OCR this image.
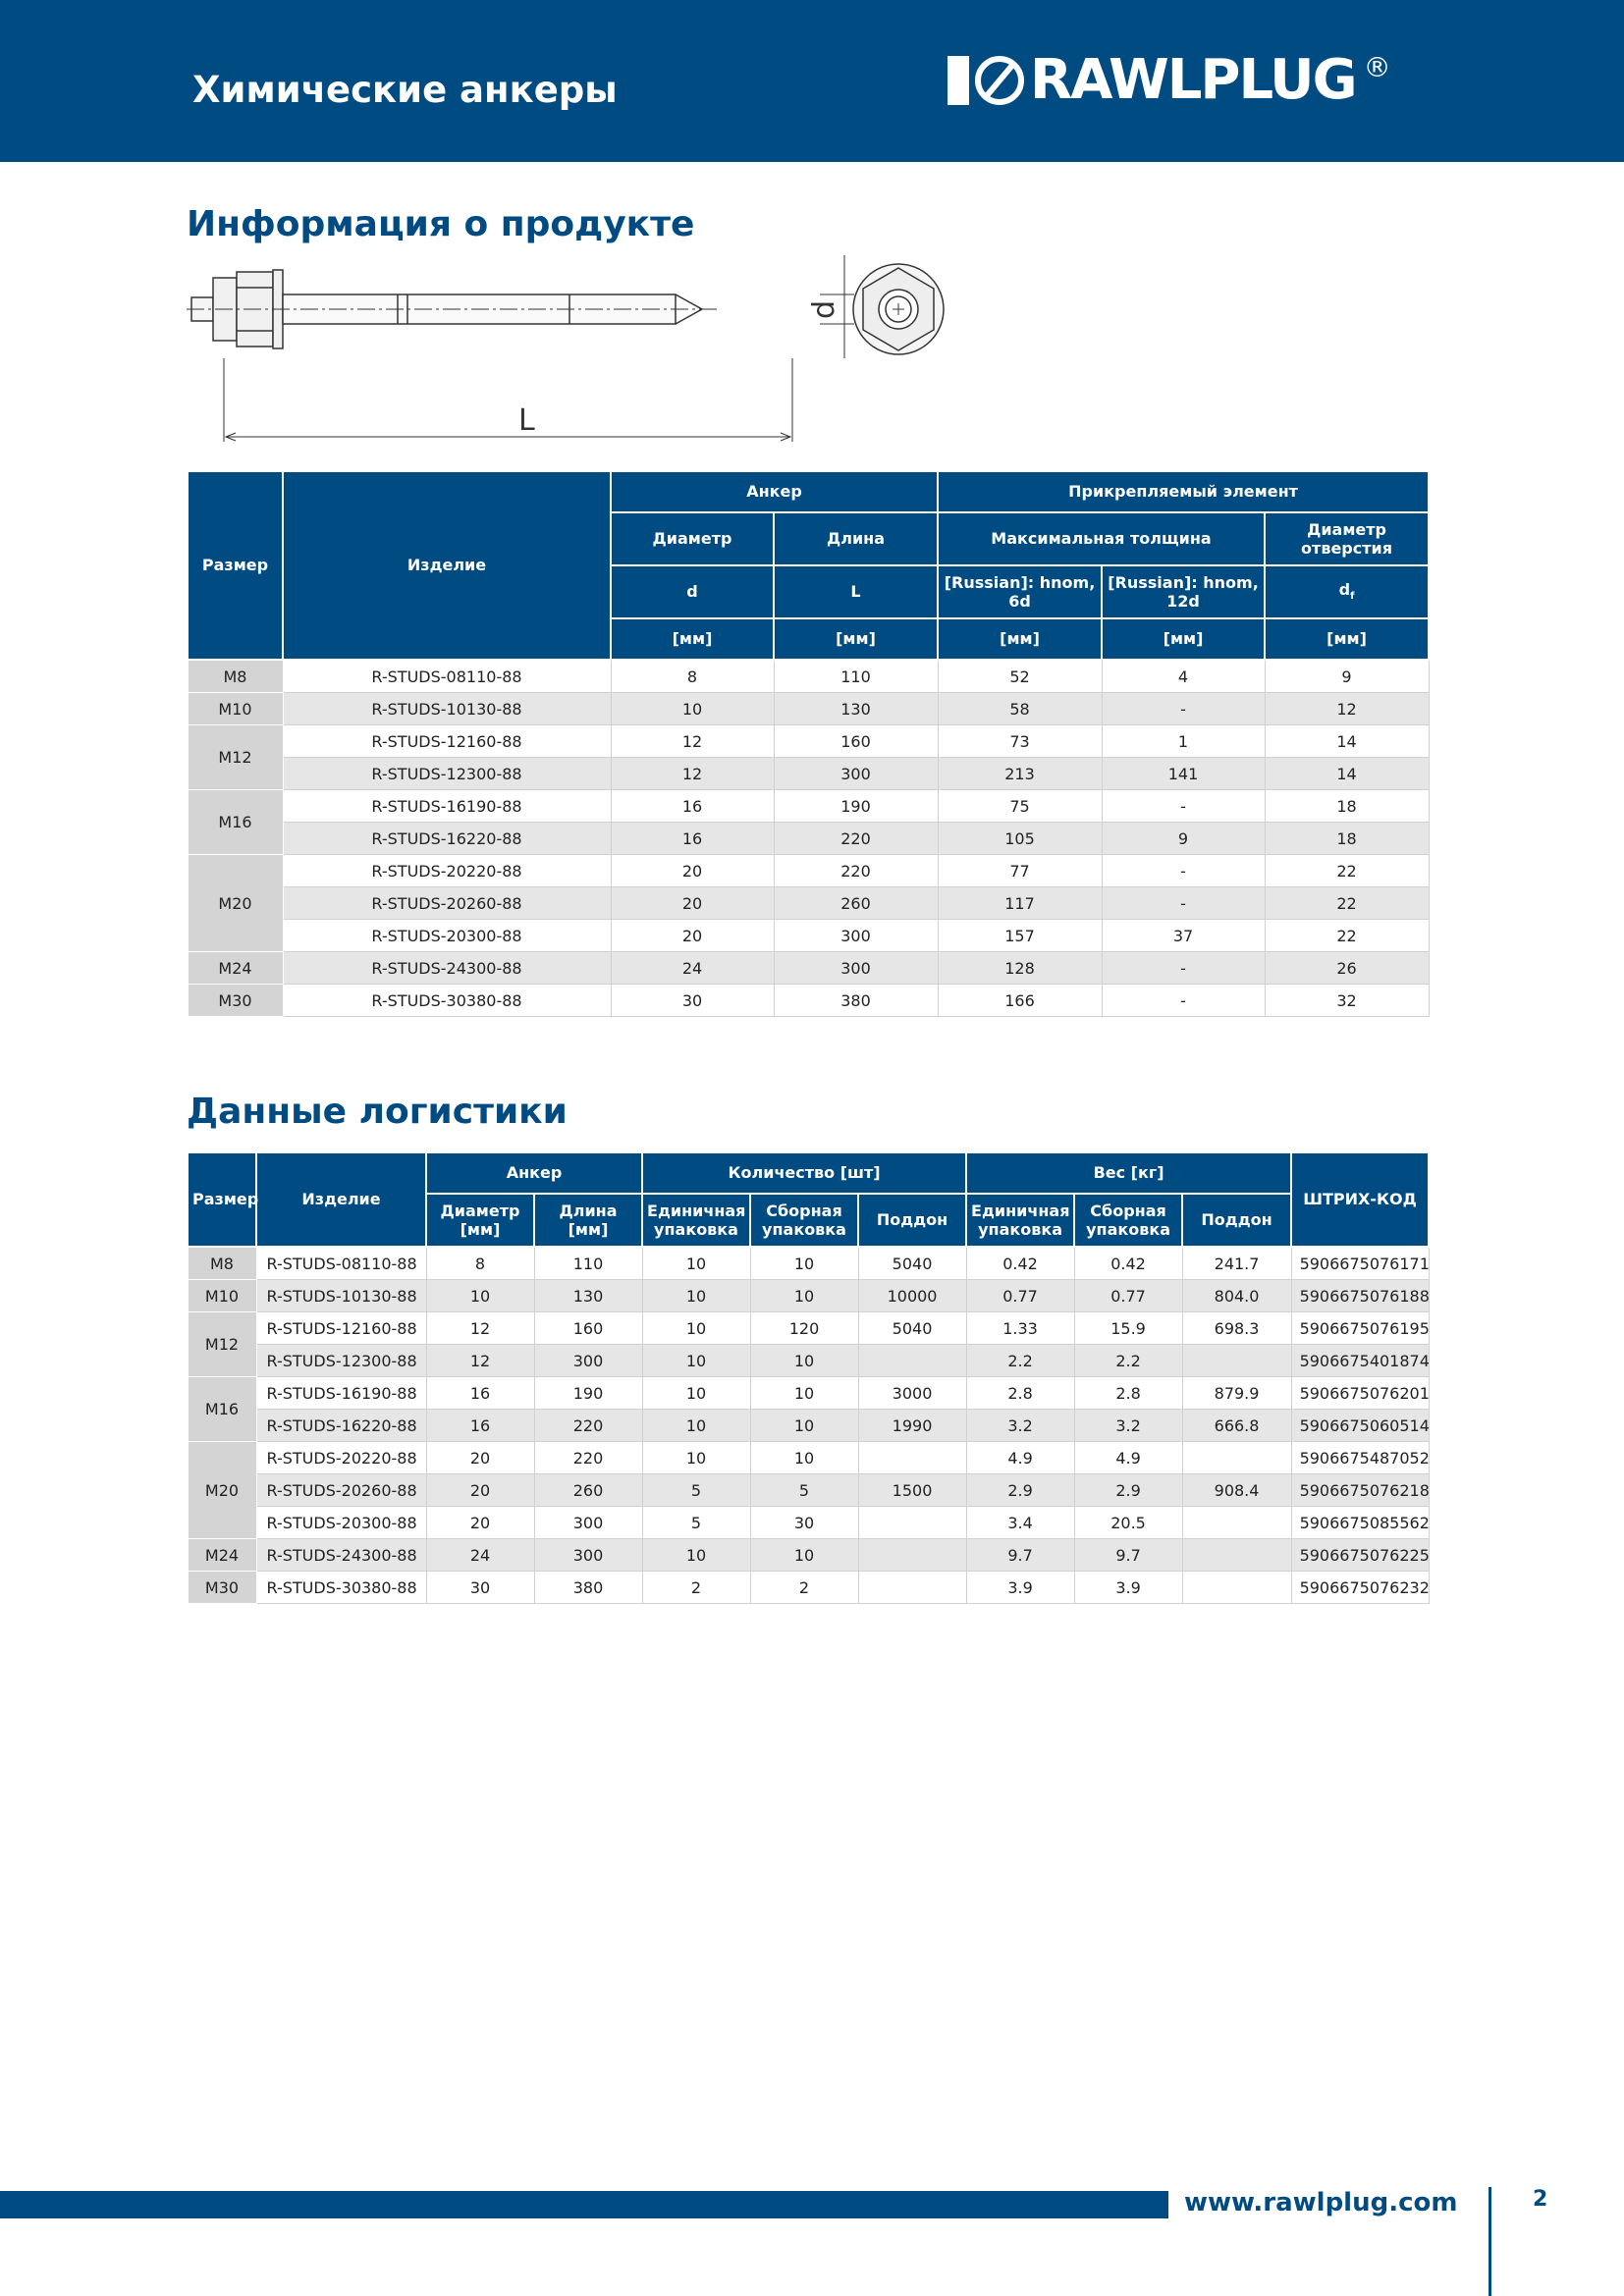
Химические анкеры	RAWLPLUG ®
Информация о продукте
L
d
Размер	Изделие	Анкер		Прикрепляемый элемент		
		Диаметр	Длина	Максимальная толщина		Диаметр отверстия
		d	L	[Russian]: hnom, 6d	[Russian]: hnom, 12d	$d_f$
		[мм]	[мм]	[мм]	[мм]	[мм]
M8	R-STUDS-08110-88	8	110	52	4	9
M10	R-STUDS-10130-88	10	130	58	-	12
M12	R-STUDS-12160-88	12	160	73	1	14
	R-STUDS-12300-88	12	300	213	141	14
M16	R-STUDS-16190-88	16	190	75	-	18
	R-STUDS-16220-88	16	220	105	9	18
M20	R-STUDS-20220-88	20	220	77	-	22
	R-STUDS-20260-88	20	260	117	-	22
	R-STUDS-20300-88	20	300	157	37	22
M24	R-STUDS-24300-88	24	300	128	-	26
M30	R-STUDS-30380-88	30	380	166	-	32
Данные логистики
Размер	Изделие	Анкер		Количество [шт]			Вес [кг]			ШТРИХ-КОД
		Диаметр [мм]	Длина [мм]	Единичная упаковка	Сборная упаковка	Поддон	Единичная упаковка	Сборная упаковка	Поддон	
M8	R-STUDS-08110-88	8	110	10	10	5040	0.42	0.42	241.7	5906675076171
M10	R-STUDS-10130-88	10	130	10	10	10000	0.77	0.77	804.0	5906675076188
M12	R-STUDS-12160-88	12	160	10	120	5040	1.33	15.9	698.3	5906675076195
	R-STUDS-12300-88	12	300	10	10		2.2	2.2		5906675401874
M16	R-STUDS-16190-88	16	190	10	10	3000	2.8	2.8	879.9	5906675076201
	R-STUDS-16220-88	16	220	10	10	1990	3.2	3.2	666.8	5906675060514
M20	R-STUDS-20220-88	20	220	10	10		4.9	4.9		5906675487052
	R-STUDS-20260-88	20	260	5	5	1500	2.9	2.9	908.4	5906675076218
	R-STUDS-20300-88	20	300	5	30		3.4	20.5		5906675085562
M24	R-STUDS-24300-88	24	300	10	10		9.7	9.7		5906675076225
M30	R-STUDS-30380-88	30	380	2	2		3.9	3.9		5906675076232
www.rawlplug.com	2
